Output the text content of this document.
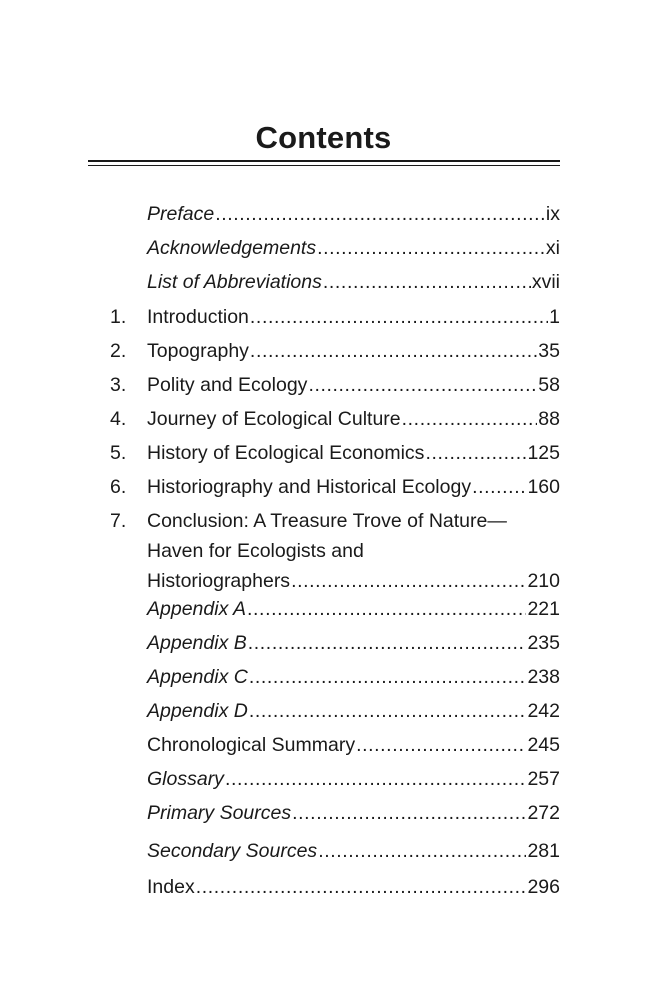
Contents
Preface .....	ix
Acknowledgements .....	xi
List of Abbreviations .....	xvii
1.	Introduction .....	1
2.	Topography .....	35
3.	Polity and Ecology .....	58
4.	Journey of Ecological Culture .....	88
5.	History of Ecological Economics .....	125
6.	Historiography and Historical Ecology .....	160
7.	Conclusion: A Treasure Trove of Nature—
Haven for Ecologists and
Historiographers .....	210
Appendix A .....	221
Appendix B .....	235
Appendix C .....	238
Appendix D .....	242
Chronological Summary .....	245
Glossary .....	257
Primary Sources .....	272
Secondary Sources .....	281
Index .....	296
